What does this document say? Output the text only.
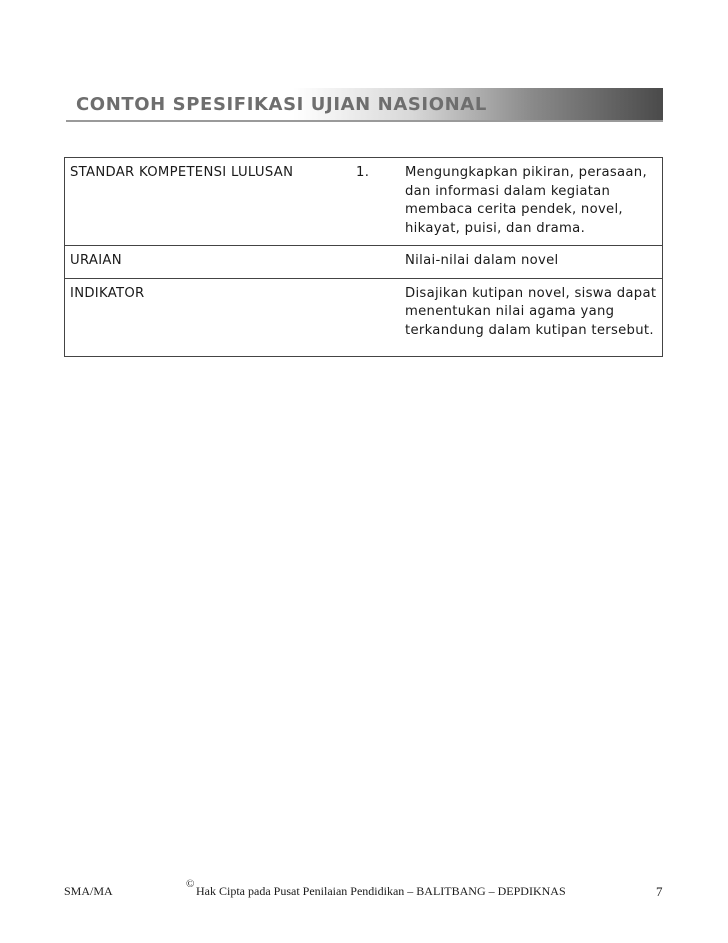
CONTOH SPESIFIKASI UJIAN NASIONAL
STANDAR KOMPETENSI LULUSAN	1.	Mengungkapkan pikiran, perasaan, dan informasi dalam kegiatan membaca cerita pendek, novel, hikayat, puisi, dan drama.
URAIAN		Nilai-nilai dalam novel
INDIKATOR		Disajikan kutipan novel, siswa dapat menentukan nilai agama yang terkandung dalam kutipan tersebut.
SMA/MA	© Hak Cipta pada Pusat Penilaian Pendidikan – BALITBANG – DEPDIKNAS	7
